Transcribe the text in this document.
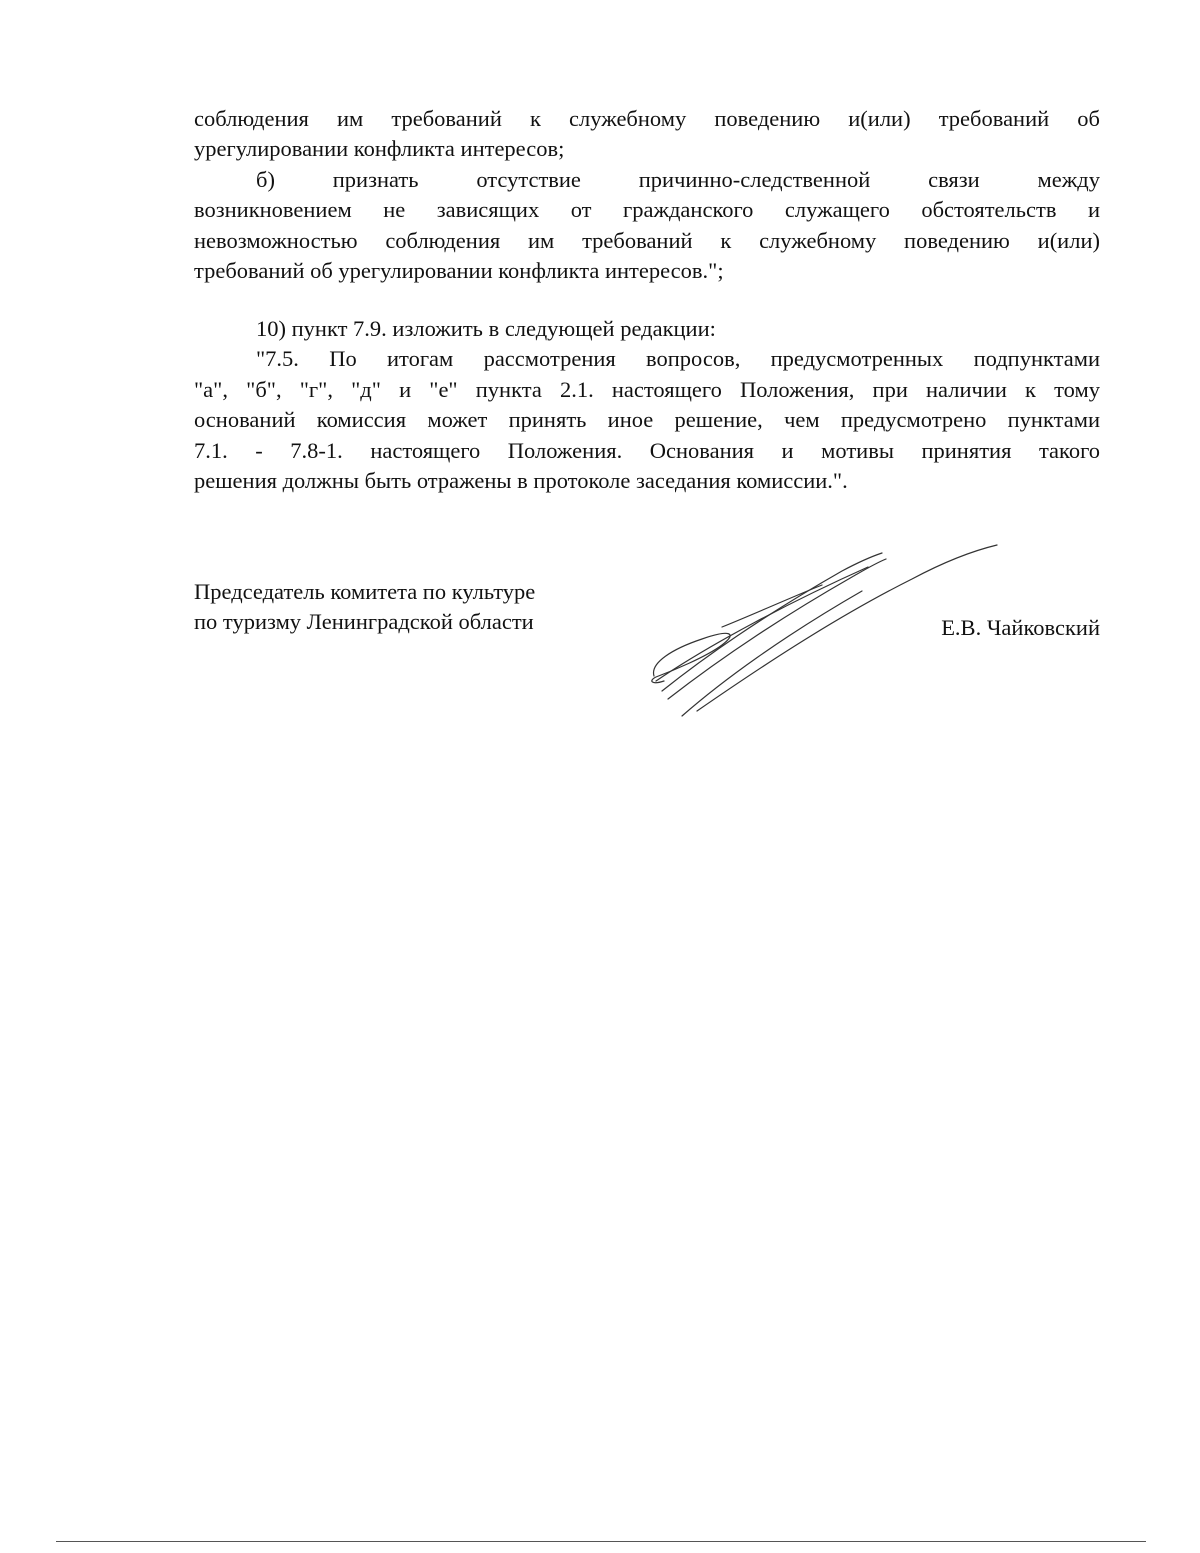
соблюдения им требований к служебному поведению и(или) требований об
урегулировании конфликта интересов;
б) признать отсутствие причинно-следственной связи между
возникновением не зависящих от гражданского служащего обстоятельств и
невозможностью соблюдения им требований к служебному поведению и(или)
требований об урегулировании конфликта интересов.";
10) пункт 7.9. изложить в следующей редакции:
"7.5. По итогам рассмотрения вопросов, предусмотренных подпунктами
"а", "б", "г", "д" и "е" пункта 2.1. настоящего Положения, при наличии к тому
оснований комиссия может принять иное решение, чем предусмотрено пунктами
7.1. - 7.8-1. настоящего Положения. Основания и мотивы принятия такого
решения должны быть отражены в протоколе заседания комиссии.".
Председатель комитета по культуре
по туризму Ленинградской области	Е.В. Чайковский
